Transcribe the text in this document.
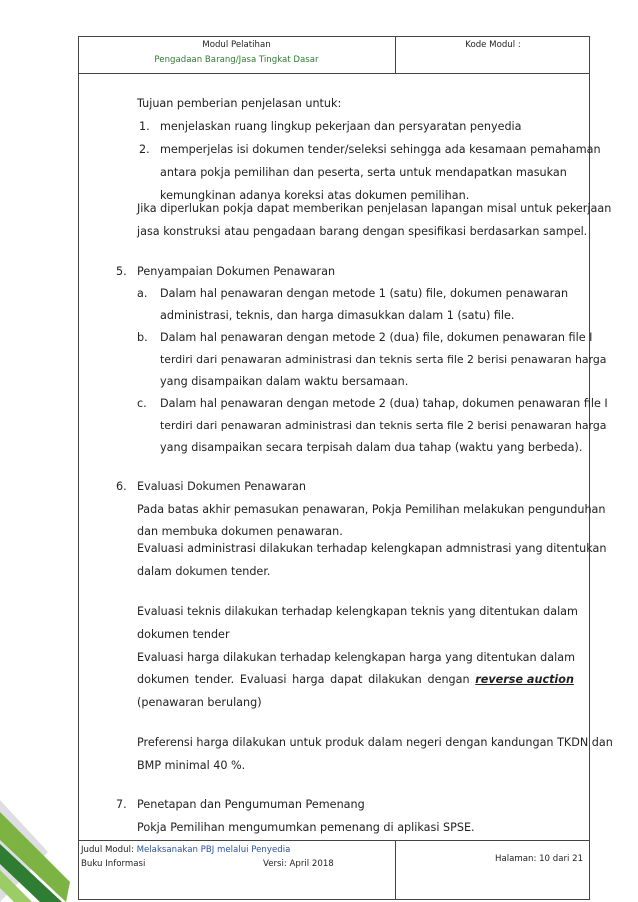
Modul Pelatihan
Pengadaan Barang/Jasa Tingkat Dasar
Kode Modul :
Tujuan pemberian penjelasan untuk:
1. menjelaskan ruang lingkup pekerjaan dan persyaratan penyedia
2. memperjelas isi dokumen tender/seleksi sehingga ada kesamaan pemahaman
antara pokja pemilihan dan peserta, serta untuk mendapatkan masukan
kemungkinan adanya koreksi atas dokumen pemilihan.
Jika diperlukan pokja dapat memberikan penjelasan lapangan misal untuk pekerjaan
jasa konstruksi atau pengadaan barang dengan spesifikasi berdasarkan sampel.
5. Penyampaian Dokumen Penawaran
a. Dalam hal penawaran dengan metode 1 (satu) file, dokumen penawaran
administrasi, teknis, dan harga dimasukkan dalam 1 (satu) file.
b. Dalam hal penawaran dengan metode 2 (dua) file, dokumen penawaran file I
terdiri dari penawaran administrasi dan teknis serta file 2 berisi penawaran harga
yang disampaikan dalam waktu bersamaan.
c. Dalam hal penawaran dengan metode 2 (dua) tahap, dokumen penawaran file I
terdiri dari penawaran administrasi dan teknis serta file 2 berisi penawaran harga
yang disampaikan secara terpisah dalam dua tahap (waktu yang berbeda).
6. Evaluasi Dokumen Penawaran
Pada batas akhir pemasukan penawaran, Pokja Pemilihan melakukan pengunduhan
dan membuka dokumen penawaran.
Evaluasi administrasi dilakukan terhadap kelengkapan admnistrasi yang ditentukan
dalam dokumen tender.
Evaluasi teknis dilakukan terhadap kelengkapan teknis yang ditentukan dalam
dokumen tender
Evaluasi harga dilakukan terhadap kelengkapan harga yang ditentukan dalam
dokumen tender. Evaluasi harga dapat dilakukan dengan reverse auction
(penawaran berulang)
Preferensi harga dilakukan untuk produk dalam negeri dengan kandungan TKDN dan
BMP minimal 40 %.
7. Penetapan dan Pengumuman Pemenang
Pokja Pemilihan mengumumkan pemenang di aplikasi SPSE.
Judul Modul: Melaksanakan PBJ melalui Penyedia
Buku Informasi	Versi: April 2018	Halaman: 10 dari 21
